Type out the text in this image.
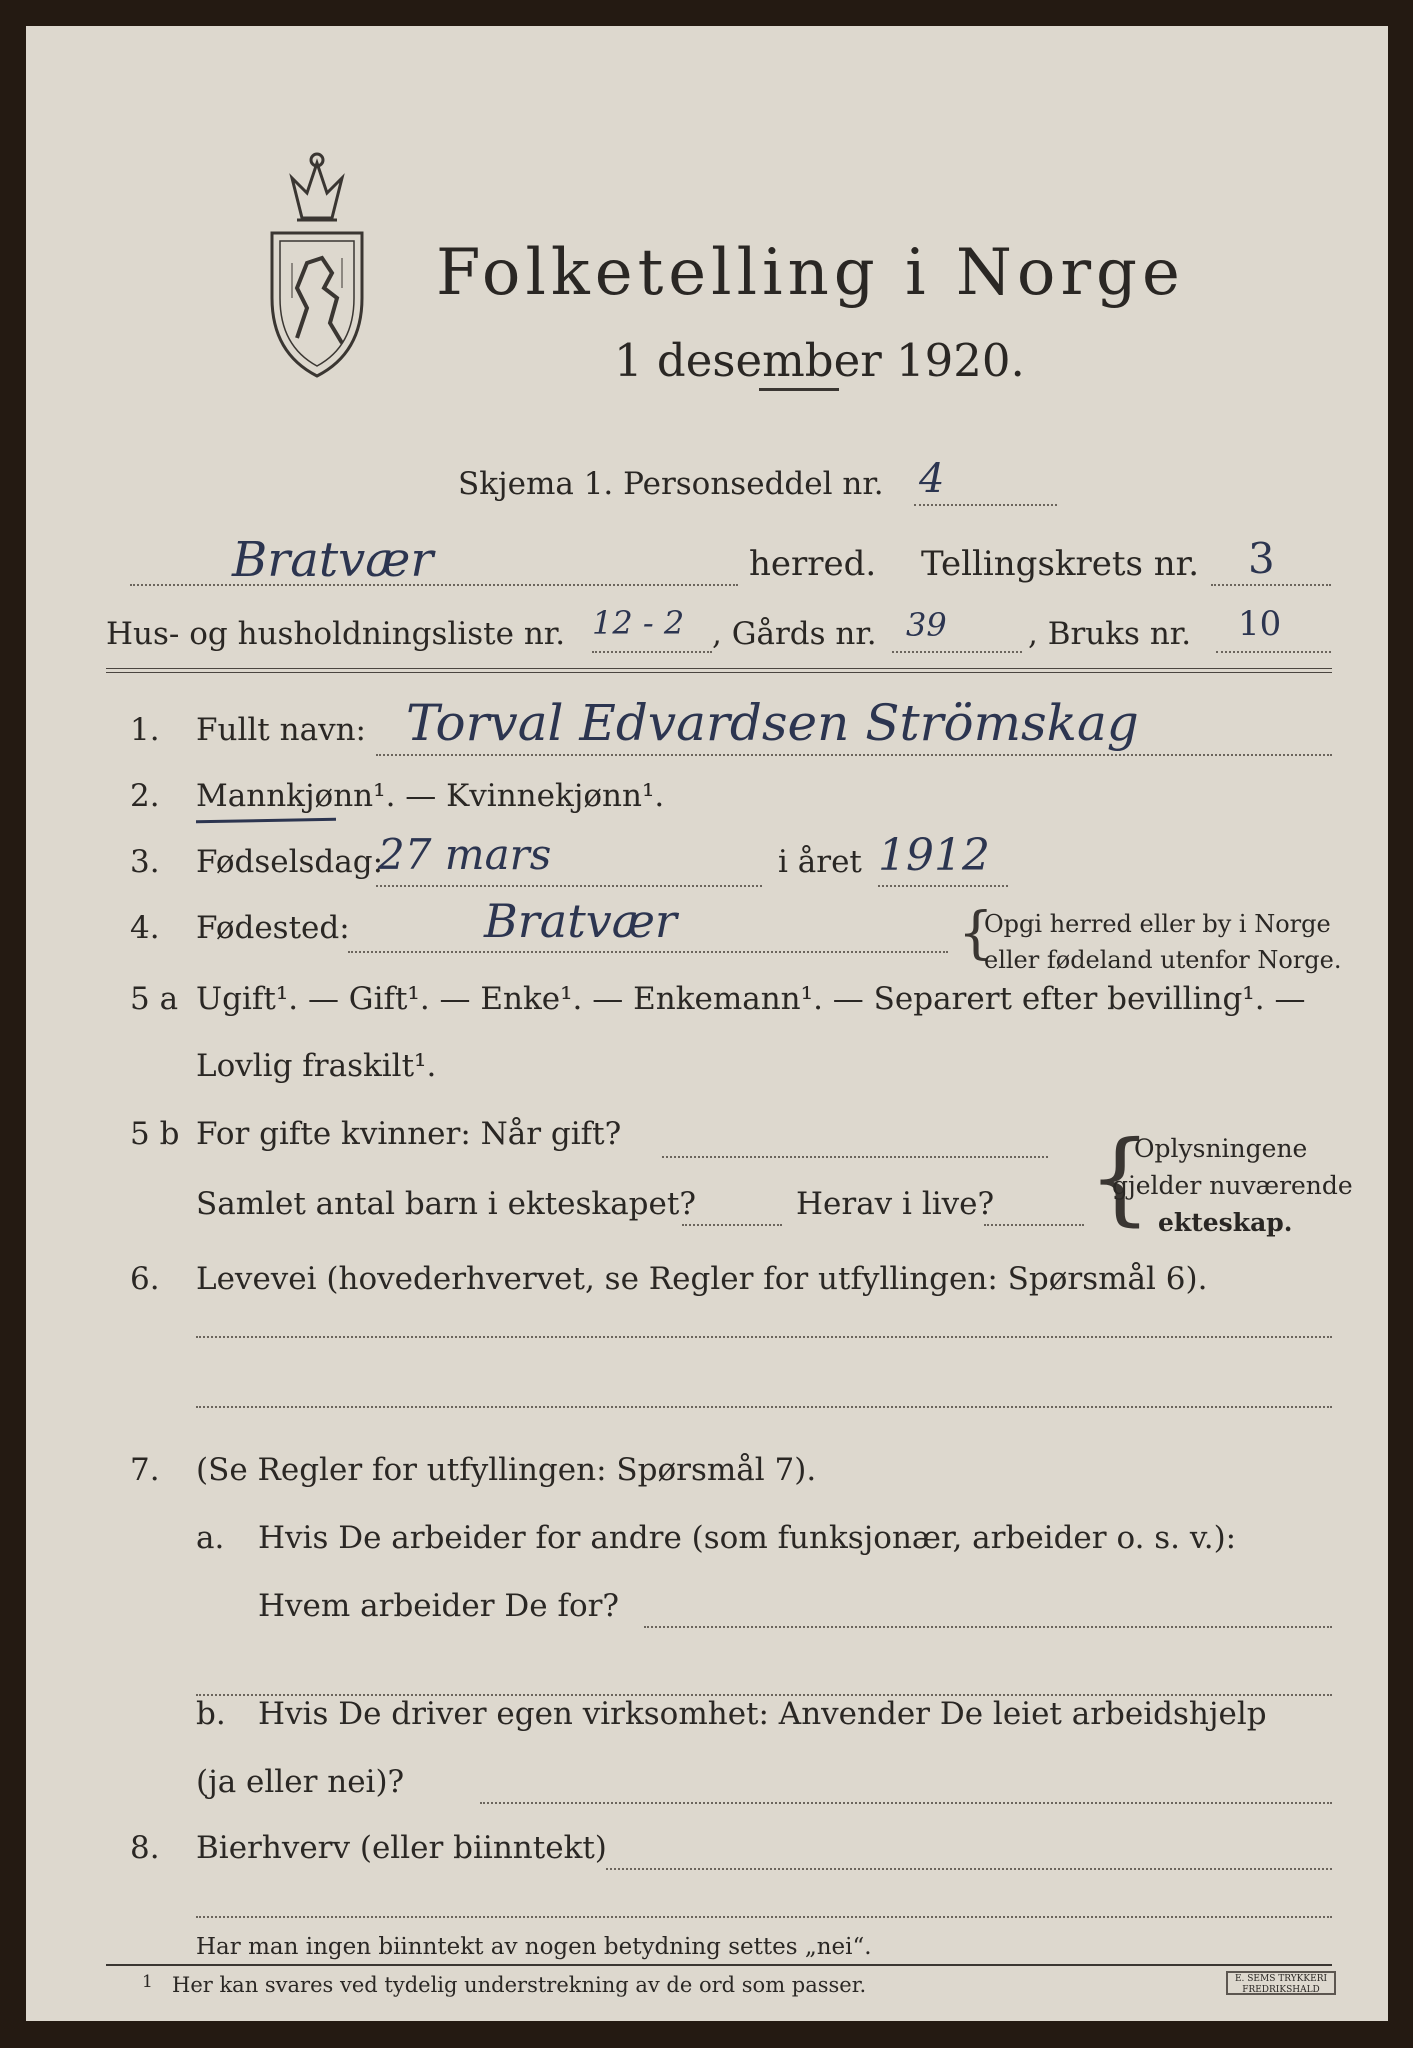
Folketelling i Norge
1 desember 1920.
Skjema 1. Personseddel nr. 4
Bratvær	herred. Tellingskrets nr. 3
Hus- og husholdningsliste nr. 12 - 2 , Gårds nr. 39	, Bruks nr. 10
1. Fullt navn: Torval Edvardsen Strömskag
2. Mannkjønn¹. — Kvinnekjønn¹.
3. Fødselsdag:
27 mars	i året 1912
4. Fødested:	Bratvær	{
Opgi herred eller by i Norge
eller fødeland utenfor Norge.
5 a Ugift¹. — Gift¹. — Enke¹. — Enkemann¹. — Separert efter bevilling¹. —
Lovlig fraskilt¹.
5 b For gifte kvinner: Når gift?
Samlet antal barn i ekteskapet?	Herav i live? {
Oplysningene
gjelder nuværende
ekteskap.
6. Levevei (hovederhvervet, se Regler for utfyllingen: Spørsmål 6).
7. (Se Regler for utfyllingen: Spørsmål 7).
a. Hvis De arbeider for andre (som funksjonær, arbeider o. s. v.):
Hvem arbeider De for?
b. Hvis De driver egen virksomhet: Anvender De leiet arbeidshjelp
(ja eller nei)?
8. Bierhverv (eller biinntekt)
Har man ingen biinntekt av nogen betydning settes „nei“.
1 Her kan svares ved tydelig understrekning av de ord som passer.	E. SEMS TRYKKERI
FREDRIKSHALD
